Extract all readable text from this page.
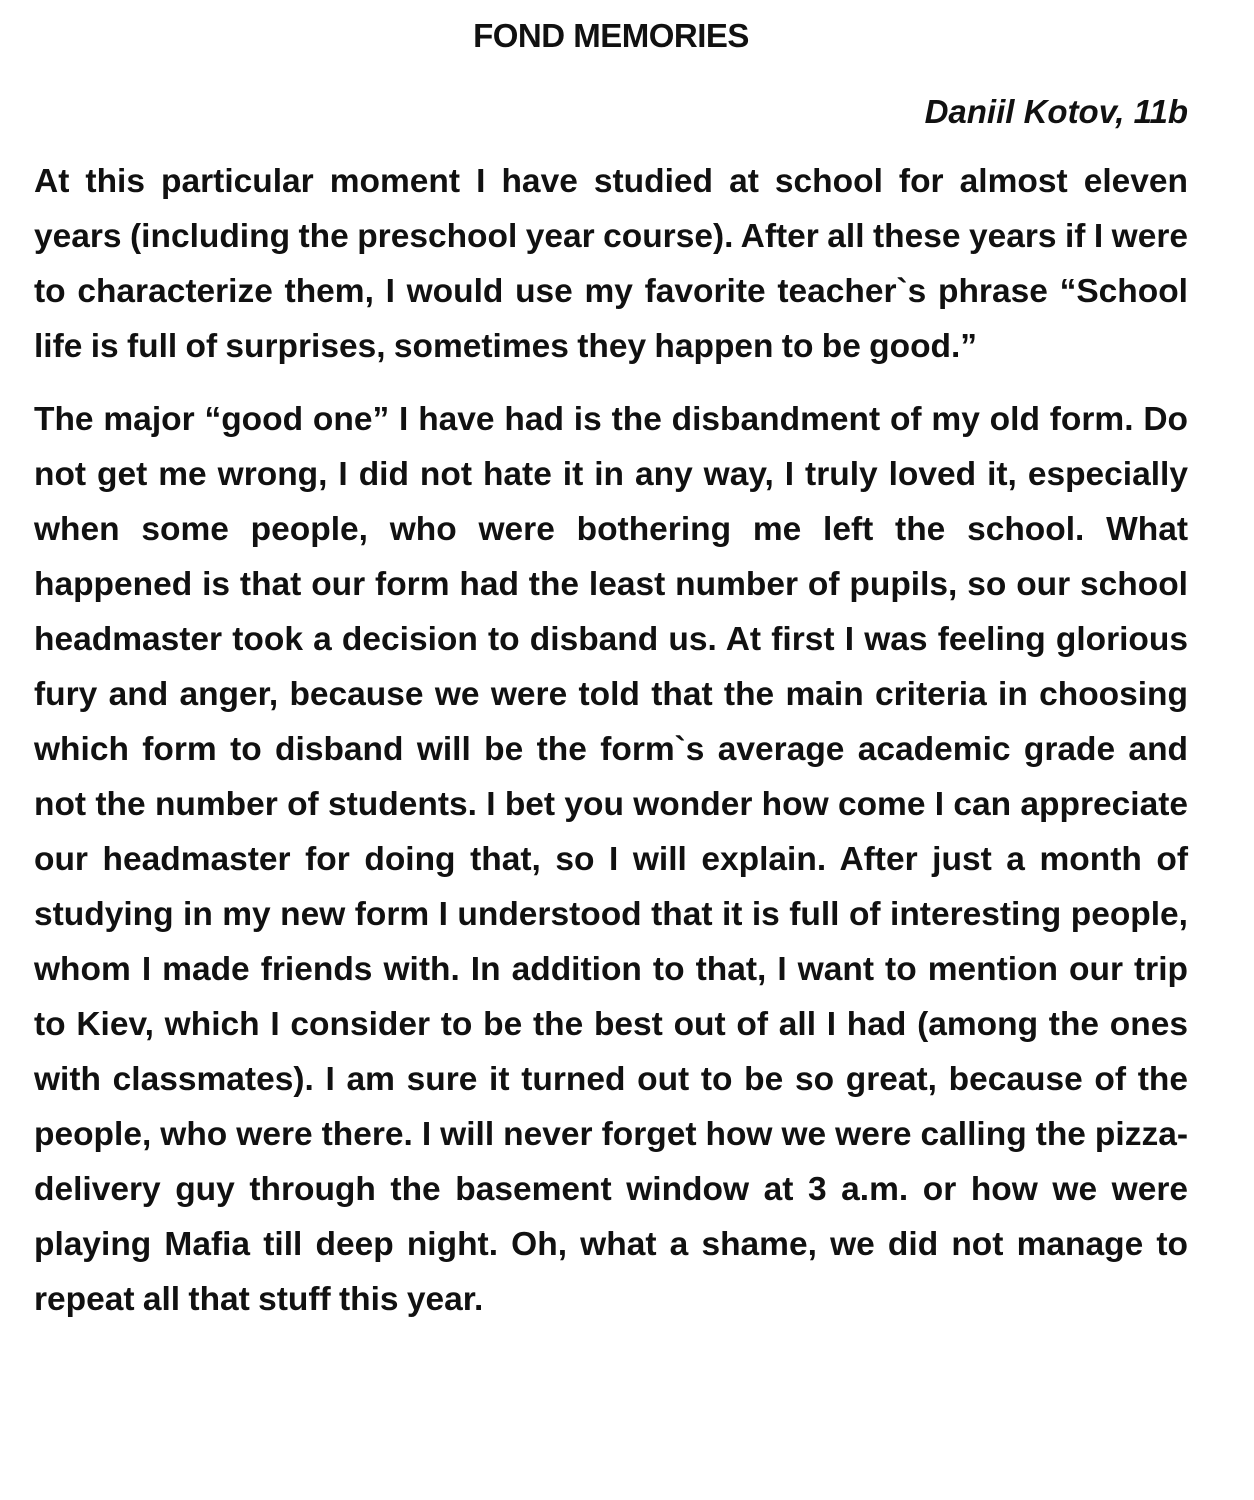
FOND MEMORIES

Daniil Kotov, 11b

At this particular moment I have studied at school for almost eleven years (including the preschool year course). After all these years if I were to characterize them, I would use my favorite teacher`s phrase “School life is full of surprises, sometimes they happen to be good.”

The major “good one” I have had is the disbandment of my old form. Do not get me wrong, I did not hate it in any way, I truly loved it, especially when some people, who were bothering me left the school. What happened is that our form had the least number of pupils, so our school headmaster took a decision to disband us. At first I was feeling glorious fury and anger, because we were told that the main criteria in choosing which form to disband will be the form`s average academic grade and not the number of students. I bet you wonder how come I can appreciate our headmaster for doing that, so I will explain. After just a month of studying in my new form I understood that it is full of interesting people, whom I made friends with. In addition to that, I want to mention our trip to Kiev, which I consider to be the best out of all I had (among the ones with classmates). I am sure it turned out to be so great, because of the people, who were there. I will never forget how we were calling the pizza-delivery guy through the basement window at 3 a.m. or how we were playing Mafia till deep night. Oh, what a shame, we did not manage to repeat all that stuff this year.
